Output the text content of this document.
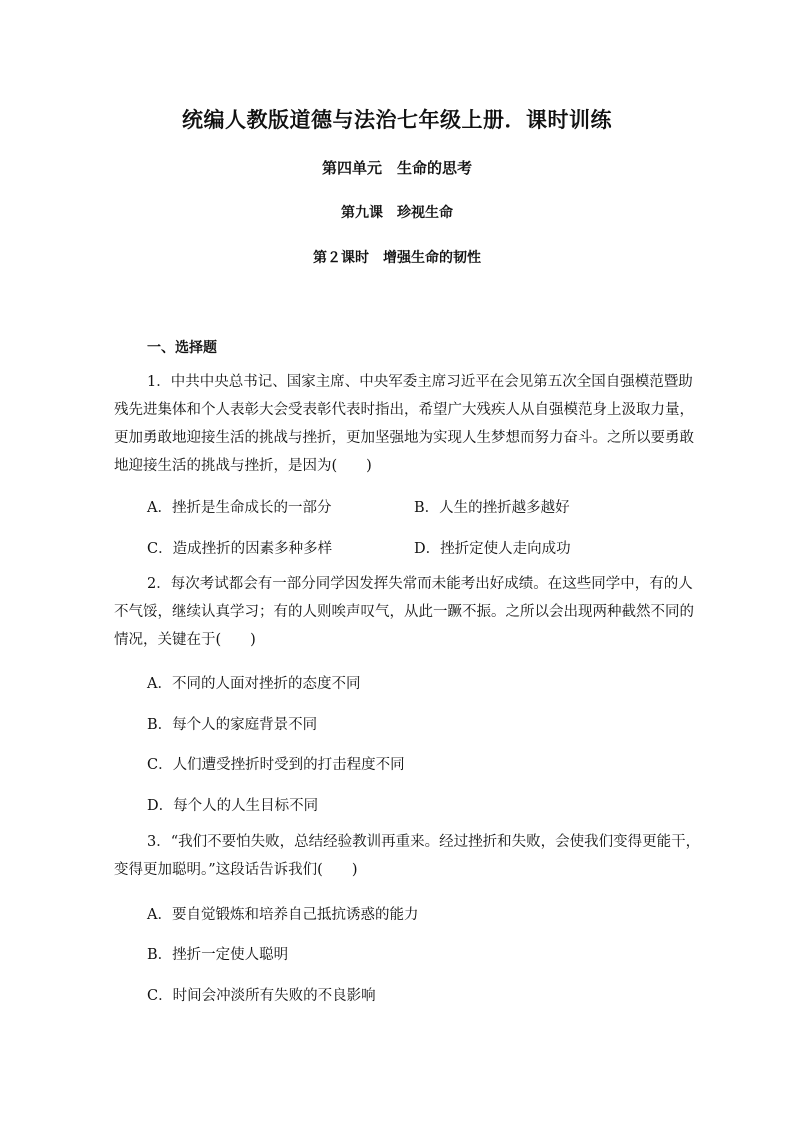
统编人教版道德与法治七年级上册．课时训练
第四单元　生命的思考
第九课　珍视生命
第２课时　增强生命的韧性
一、选择题
1．中共中央总书记、国家主席、中央军委主席习近平在会见第五次全国自强模范暨助
残先进集体和个人表彰大会受表彰代表时指出，希望广大残疾人从自强模范身上汲取力量，
更加勇敢地迎接生活的挑战与挫折，更加坚强地为实现人生梦想而努力奋斗。之所以要勇敢
地迎接生活的挑战与挫折，是因为(　　)
A．挫折是生命成长的一部分	B．人生的挫折越多越好
C．造成挫折的因素多种多样	D．挫折定使人走向成功
2．每次考试都会有一部分同学因发挥失常而未能考出好成绩。在这些同学中，有的人
不气馁，继续认真学习；有的人则唉声叹气，从此一蹶不振。之所以会出现两种截然不同的
情况，关键在于(　　)
A．不同的人面对挫折的态度不同
B．每个人的家庭背景不同
C．人们遭受挫折时受到的打击程度不同
D．每个人的人生目标不同
3．“我们不要怕失败，总结经验教训再重来。经过挫折和失败，会使我们变得更能干，
变得更加聪明。”这段话告诉我们(　　)
A．要自觉锻炼和培养自己抵抗诱惑的能力
B．挫折一定使人聪明
C．时间会冲淡所有失败的不良影响
